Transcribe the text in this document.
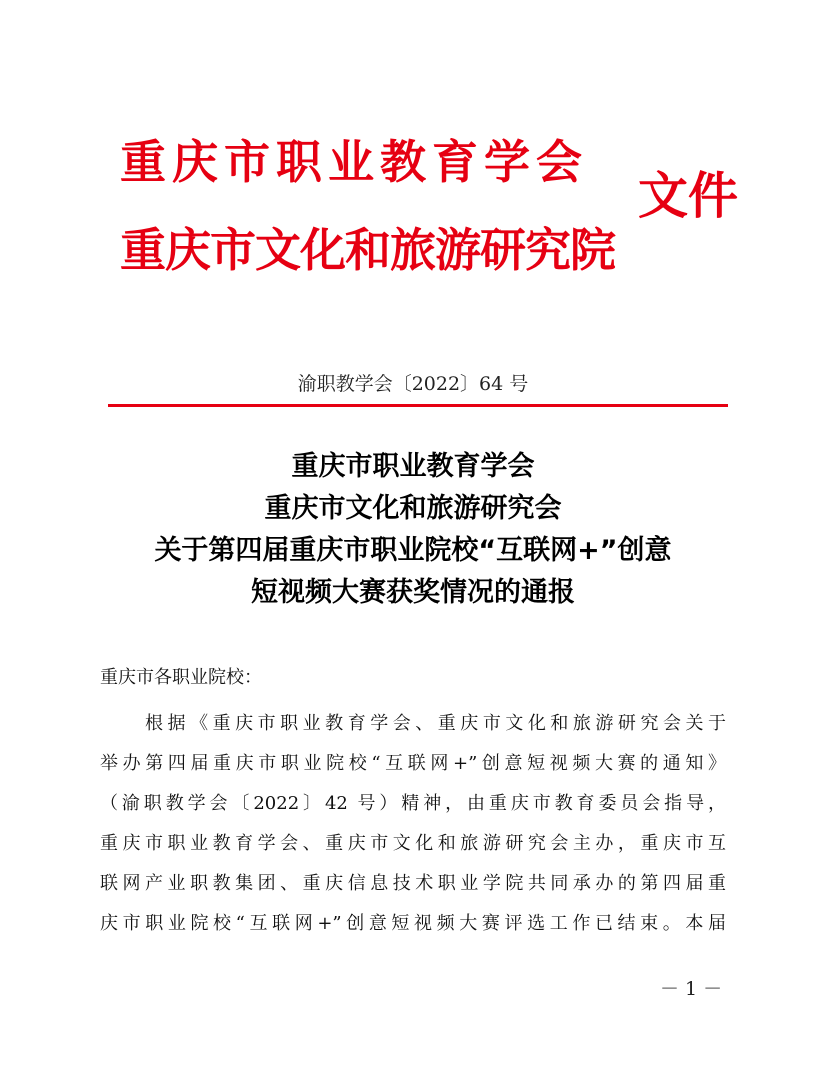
重庆市职业教育学会
重庆市文化和旅游研究院
文件
渝职教学会〔2022〕64 号
重庆市职业教育学会
重庆市文化和旅游研究会
关于第四届重庆市职业院校“互联网+”创意
短视频大赛获奖情况的通报
重庆市各职业院校：
　　根据《重庆市职业教育学会、重庆市文化和旅游研究会关于
举办第四届重庆市职业院校“互联网+”创意短视频大赛的通知》
（渝职教学会〔2022〕42 号）精神，由重庆市教育委员会指导，
重庆市职业教育学会、重庆市文化和旅游研究会主办，重庆市互
联网产业职教集团、重庆信息技术职业学院共同承办的第四届重
庆市职业院校“互联网+”创意短视频大赛评选工作已结束。本届
－ 1 －
